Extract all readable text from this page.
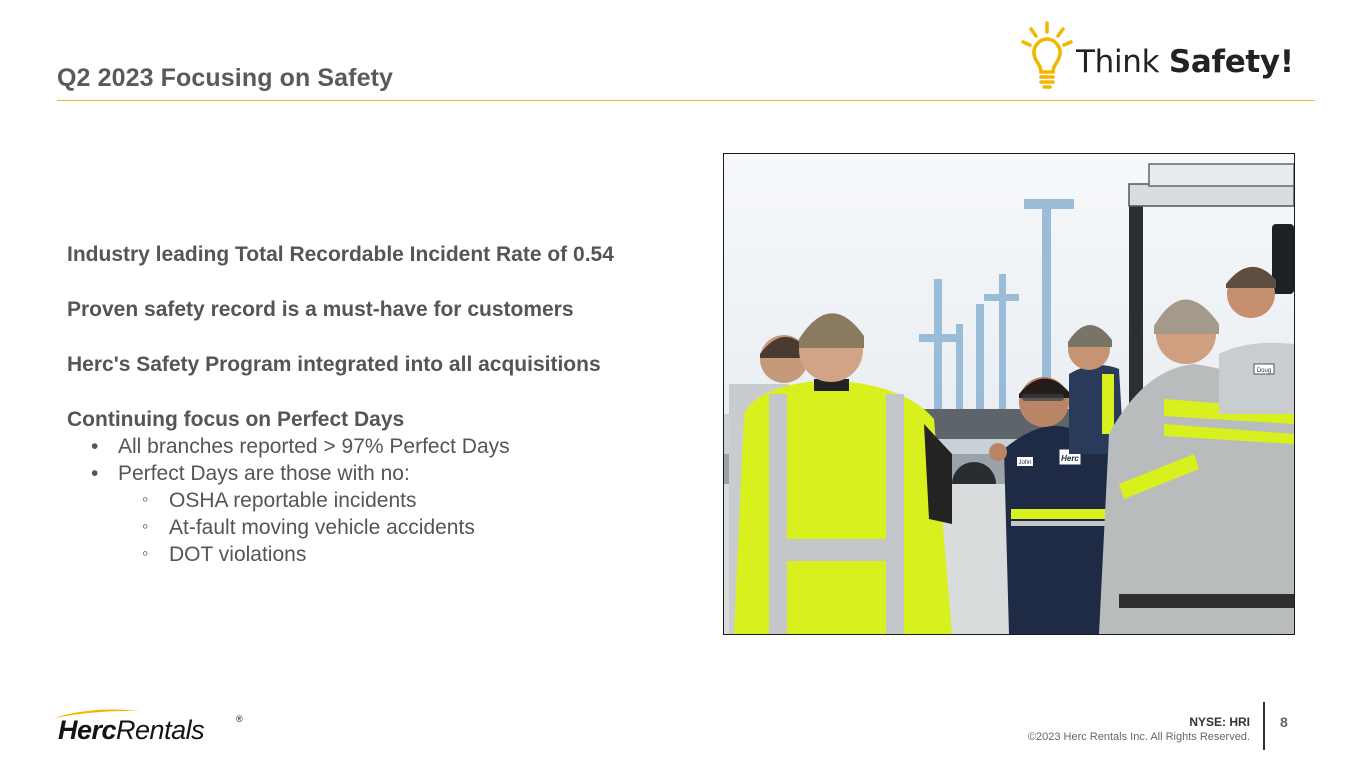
Q2 2023 Focusing on Safety	Think Safety!
Industry leading Total Recordable Incident Rate of 0.54
Proven safety record is a must-have for customers
Herc's Safety Program integrated into all acquisitions
Continuing focus on Perfect Days
• All branches reported > 97% Perfect Days
• Perfect Days are those with no:
◦ OSHA reportable incidents
◦ At-fault moving vehicle accidents
◦ DOT violations
Herc
John
Doug
HercRentals	®	NYSE: HRI
©2023 Herc Rentals Inc. All Rights Reserved.
8
